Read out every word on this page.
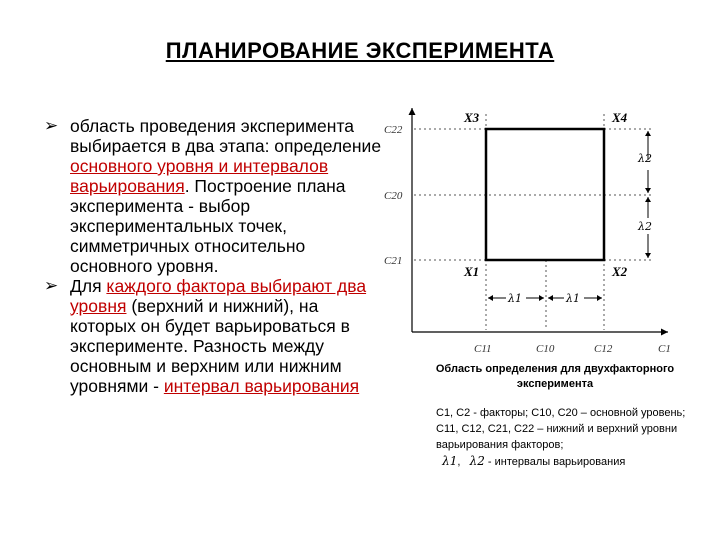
ПЛАНИРОВАНИЕ ЭКСПЕРИМЕНТА
➢ область проведения эксперимента выбирается в два этапа: определение основного уровня и интервалов варьирования. Построение плана эксперимента - выбор экспериментальных точек, симметричных относительно основного уровня.
➢ Для каждого фактора выбирают два уровня (верхний и нижний), на которых он будет варьироваться в эксперименте. Разность между основным и верхним или нижним уровнями - интервал варьирования
C22
C20
C21
C11	C10	C12	C1
X3	X4
X1	X2
λ2
λ2
λ1	λ1
Область определения для двухфакторного эксперимента
С1, С2 - факторы; С10, С20 – основной уровень; С11, С12, С21, С22 – нижний и верхний уровни варьирования факторов;
λ1, λ2 - интервалы варьирования
